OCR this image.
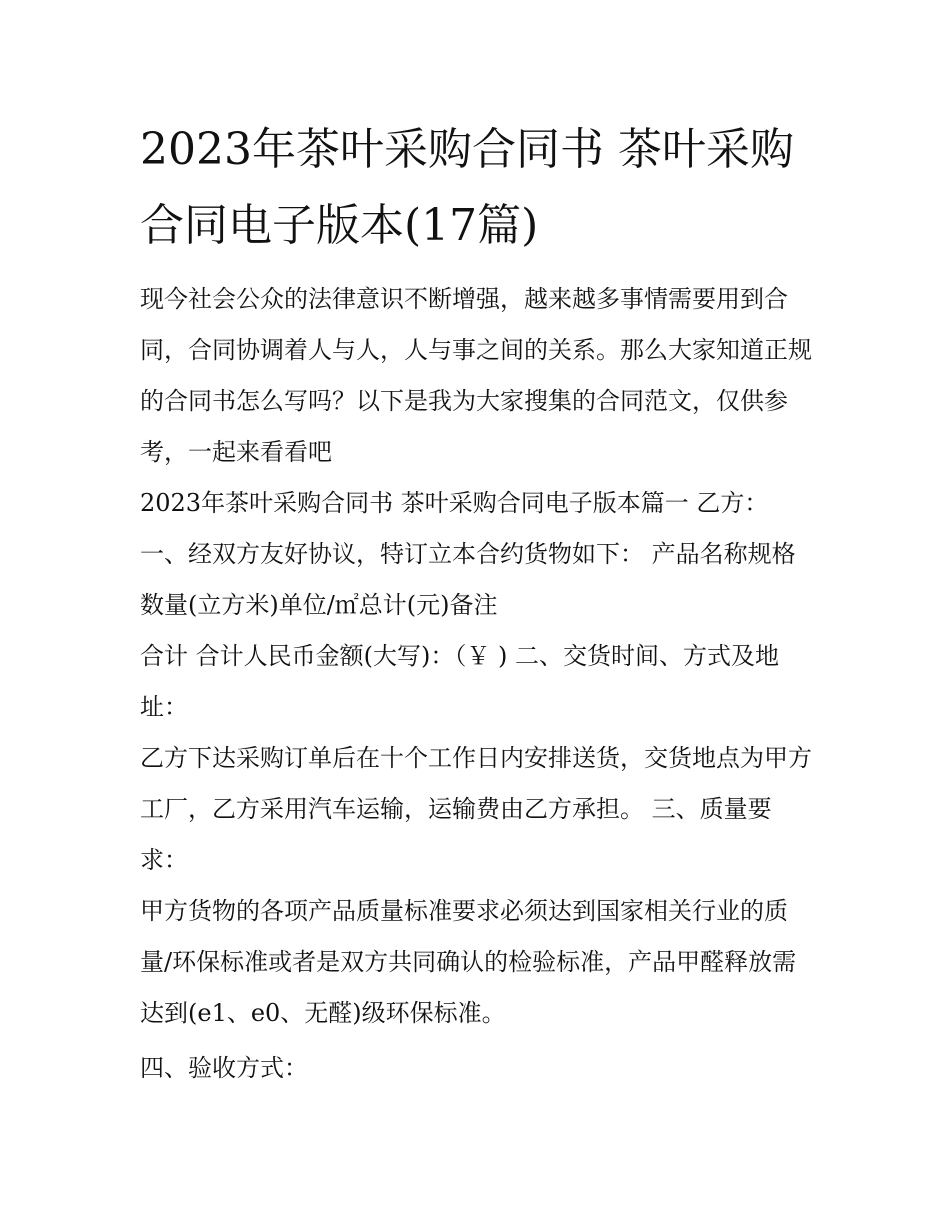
2023年茶叶采购合同书 茶叶采购合同电子版本(17篇)

现今社会公众的法律意识不断增强，越来越多事情需要用到合同，合同协调着人与人，人与事之间的关系。那么大家知道正规的合同书怎么写吗？以下是我为大家搜集的合同范文，仅供参考，一起来看看吧

2023年茶叶采购合同书 茶叶采购合同电子版本篇一 乙方：

一、经双方友好协议，特订立本合约货物如下： 产品名称规格数量(立方米)单位/㎡总计(元)备注

合计 合计人民币金额(大写)：（￥ ) 二、交货时间、方式及地址：

乙方下达采购订单后在十个工作日内安排送货，交货地点为甲方工厂，乙方采用汽车运输，运输费由乙方承担。 三、质量要求：

甲方货物的各项产品质量标准要求必须达到国家相关行业的质量/环保标准或者是双方共同确认的检验标准，产品甲醛释放需达到(e1、e0、无醛)级环保标准。

四、验收方式：
